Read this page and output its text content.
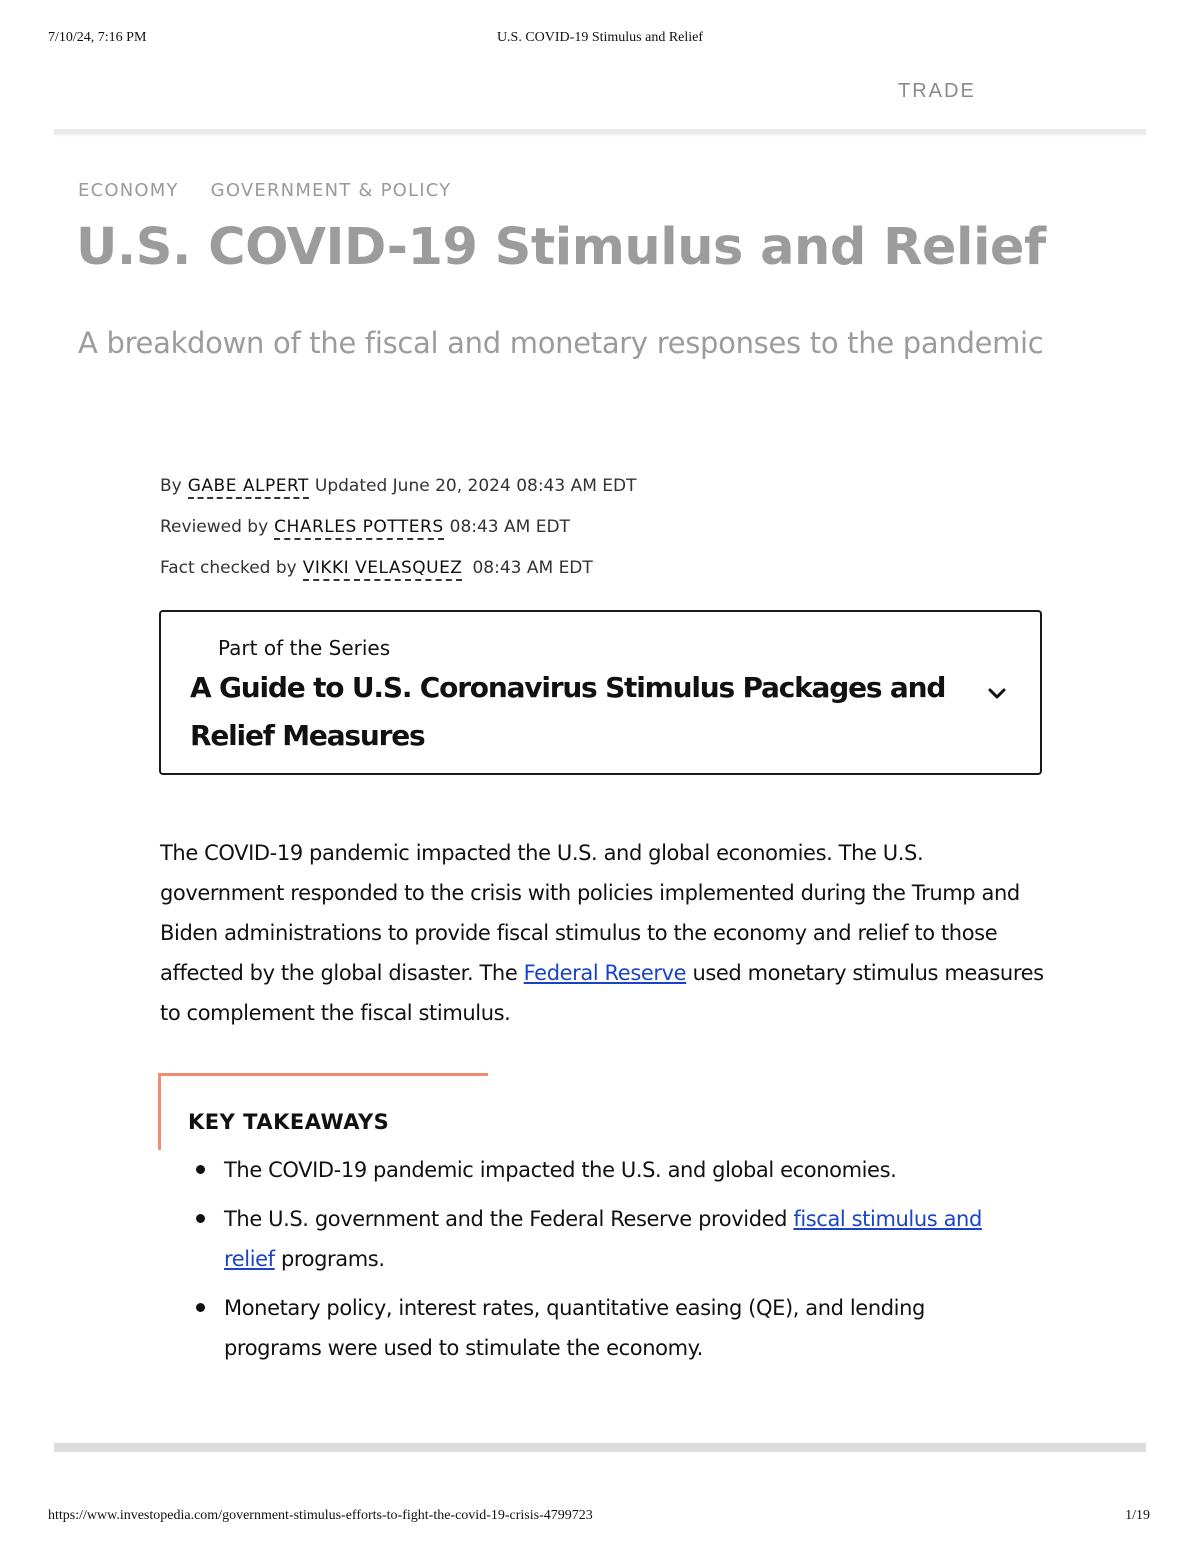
7/10/24, 7:16 PM	U.S. COVID-19 Stimulus and Relief
TRADE
ECONOMY GOVERNMENT & POLICY
U.S. COVID-19 Stimulus and Relief
A breakdown of the fiscal and monetary responses to the pandemic
By GABE ALPERT Updated June 20, 2024 08:43 AM EDT
Reviewed by CHARLES POTTERS 08:43 AM EDT
Fact checked by VIKKI VELASQUEZ 08:43 AM EDT
Part of the Series
A Guide to U.S. Coronavirus Stimulus Packages and Relief Measures

The COVID-19 pandemic impacted the U.S. and global economies. The U.S. government responded to the crisis with policies implemented during the Trump and Biden administrations to provide fiscal stimulus to the economy and relief to those affected by the global disaster. The Federal Reserve used monetary stimulus measures to complement the fiscal stimulus.

KEY TAKEAWAYS
The COVID-19 pandemic impacted the U.S. and global economies.
The U.S. government and the Federal Reserve provided fiscal stimulus and relief programs.
Monetary policy, interest rates, quantitative easing (QE), and lending programs were used to stimulate the economy.
https://www.investopedia.com/government-stimulus-efforts-to-fight-the-covid-19-crisis-4799723	1/19
